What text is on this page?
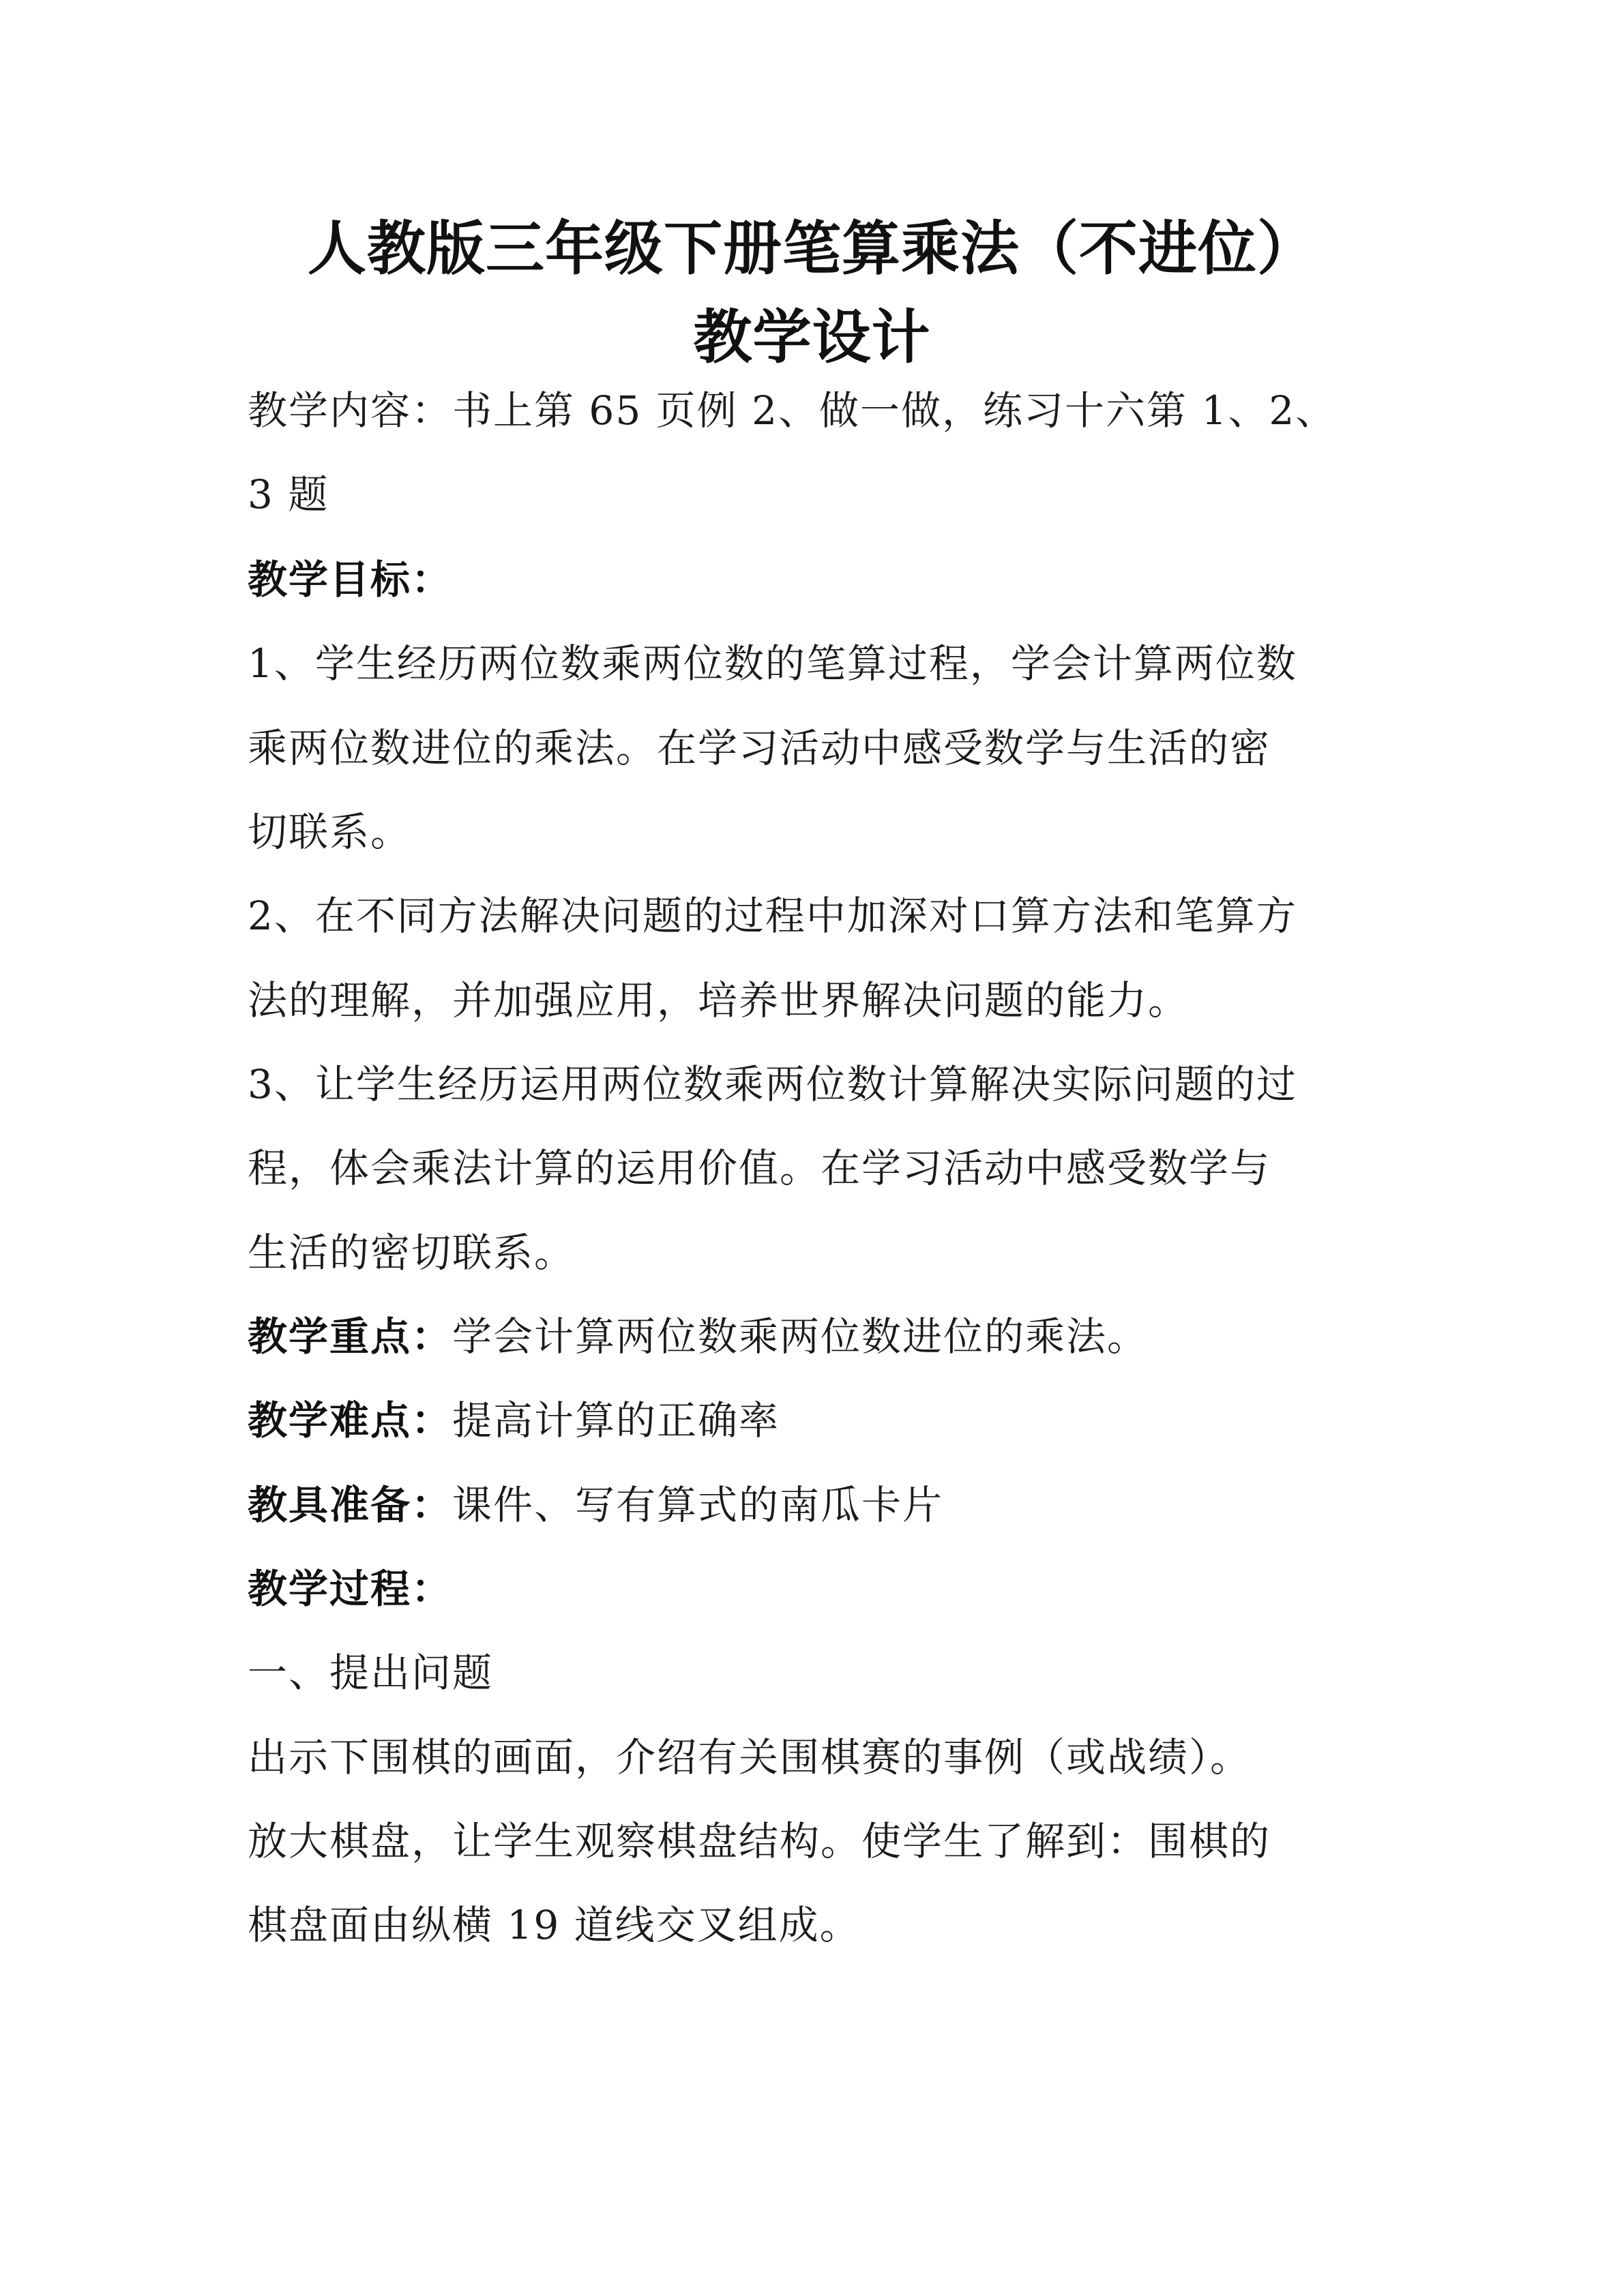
人教版三年级下册笔算乘法（不进位）
教学设计
教学内容：书上第 65 页例 2、做一做，练习十六第 1、2、
3 题
教学目标：
1、学生经历两位数乘两位数的笔算过程，学会计算两位数
乘两位数进位的乘法。在学习活动中感受数学与生活的密
切联系。
2、在不同方法解决问题的过程中加深对口算方法和笔算方
法的理解，并加强应用，培养世界解决问题的能力。
3、让学生经历运用两位数乘两位数计算解决实际问题的过
程，体会乘法计算的运用价值。在学习活动中感受数学与
生活的密切联系。
教学重点：学会计算两位数乘两位数进位的乘法。
教学难点：提高计算的正确率
教具准备：课件、写有算式的南瓜卡片
教学过程：
一、提出问题
出示下围棋的画面，介绍有关围棋赛的事例（或战绩）。
放大棋盘，让学生观察棋盘结构。使学生了解到：围棋的
棋盘面由纵横 19 道线交叉组成。
